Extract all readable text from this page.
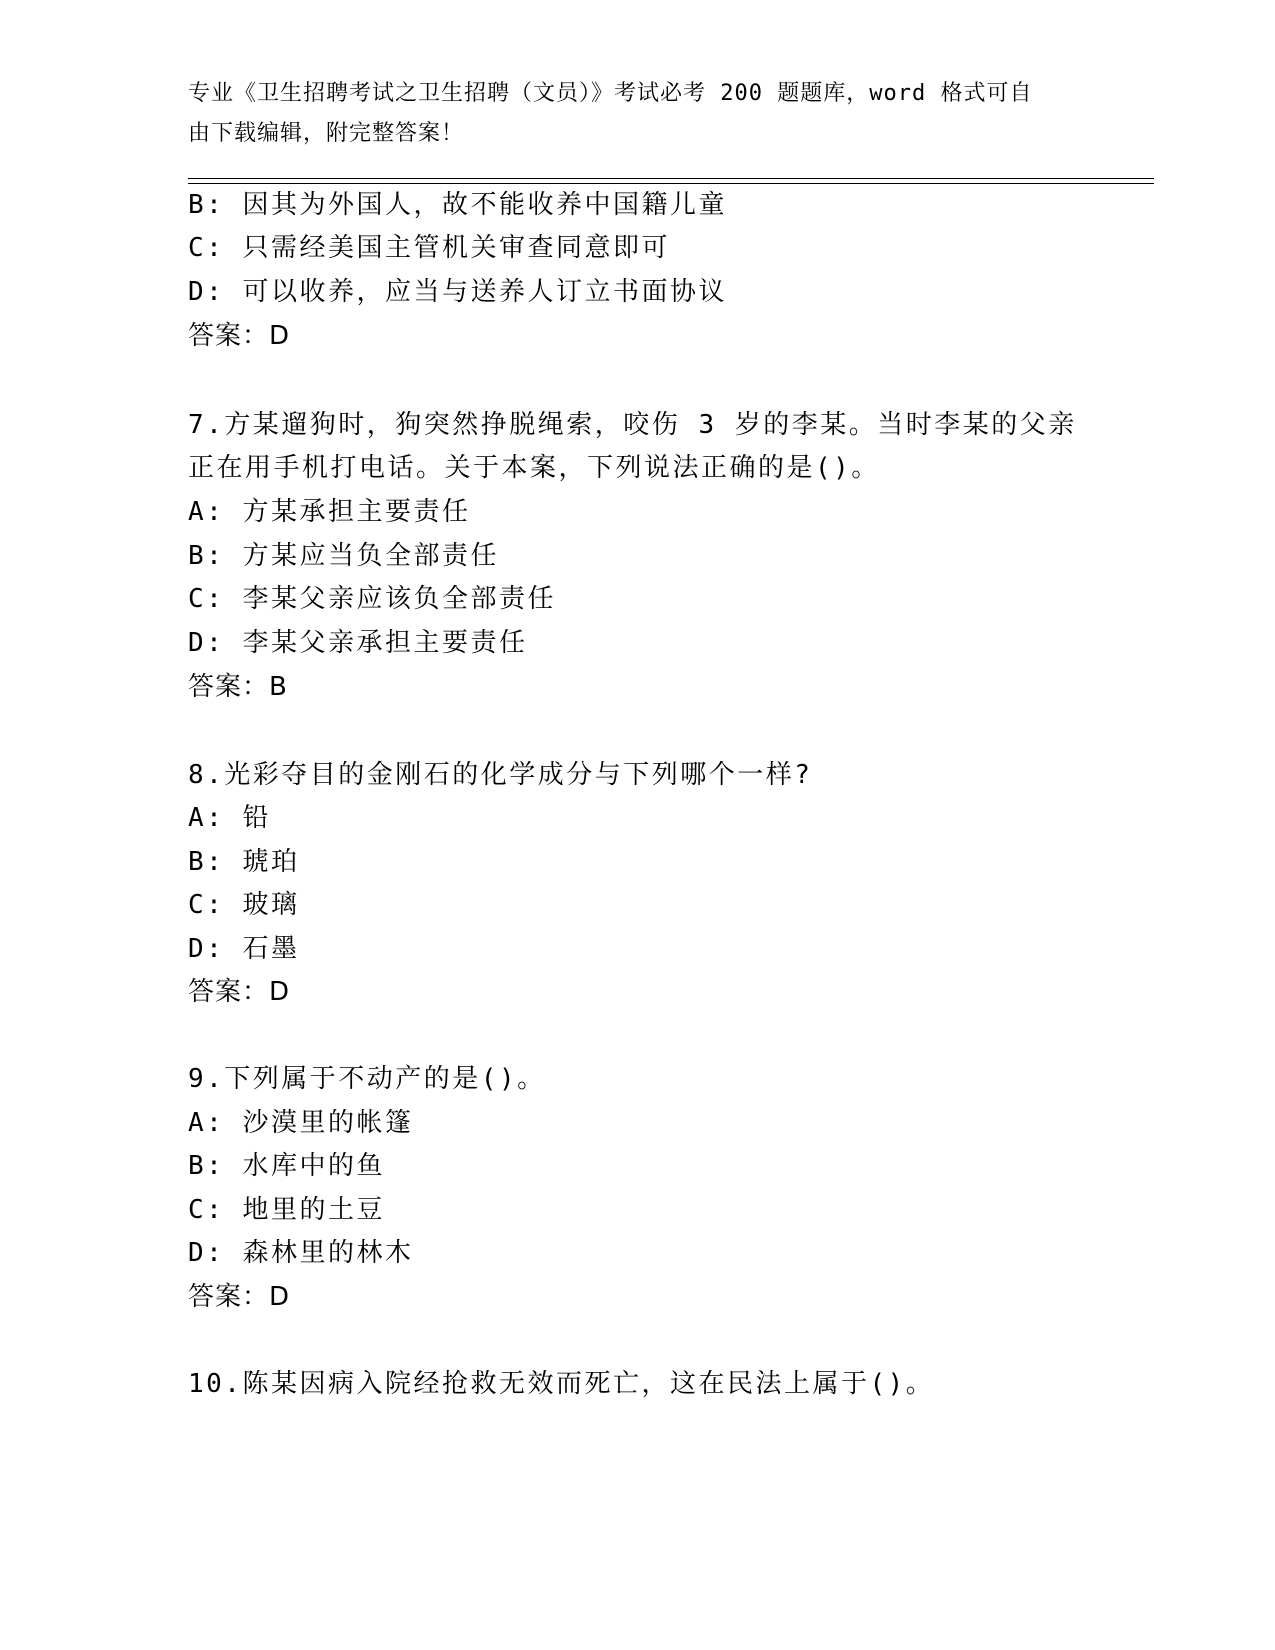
专业《卫生招聘考试之卫生招聘（文员）》考试必考 200 题题库，word 格式可自
由下载编辑，附完整答案！
B: 因其为外国人，故不能收养中国籍儿童
C: 只需经美国主管机关审查同意即可
D: 可以收养，应当与送养人订立书面协议
答案：D
7.方某遛狗时，狗突然挣脱绳索，咬伤 3 岁的李某。当时李某的父亲
正在用手机打电话。关于本案，下列说法正确的是()。
A: 方某承担主要责任
B: 方某应当负全部责任
C: 李某父亲应该负全部责任
D: 李某父亲承担主要责任
答案：B
8.光彩夺目的金刚石的化学成分与下列哪个一样?
A: 铅
B: 琥珀
C: 玻璃
D: 石墨
答案：D
9.下列属于不动产的是()。
A: 沙漠里的帐篷
B: 水库中的鱼
C: 地里的土豆
D: 森林里的林木
答案：D
10.陈某因病入院经抢救无效而死亡，这在民法上属于()。
